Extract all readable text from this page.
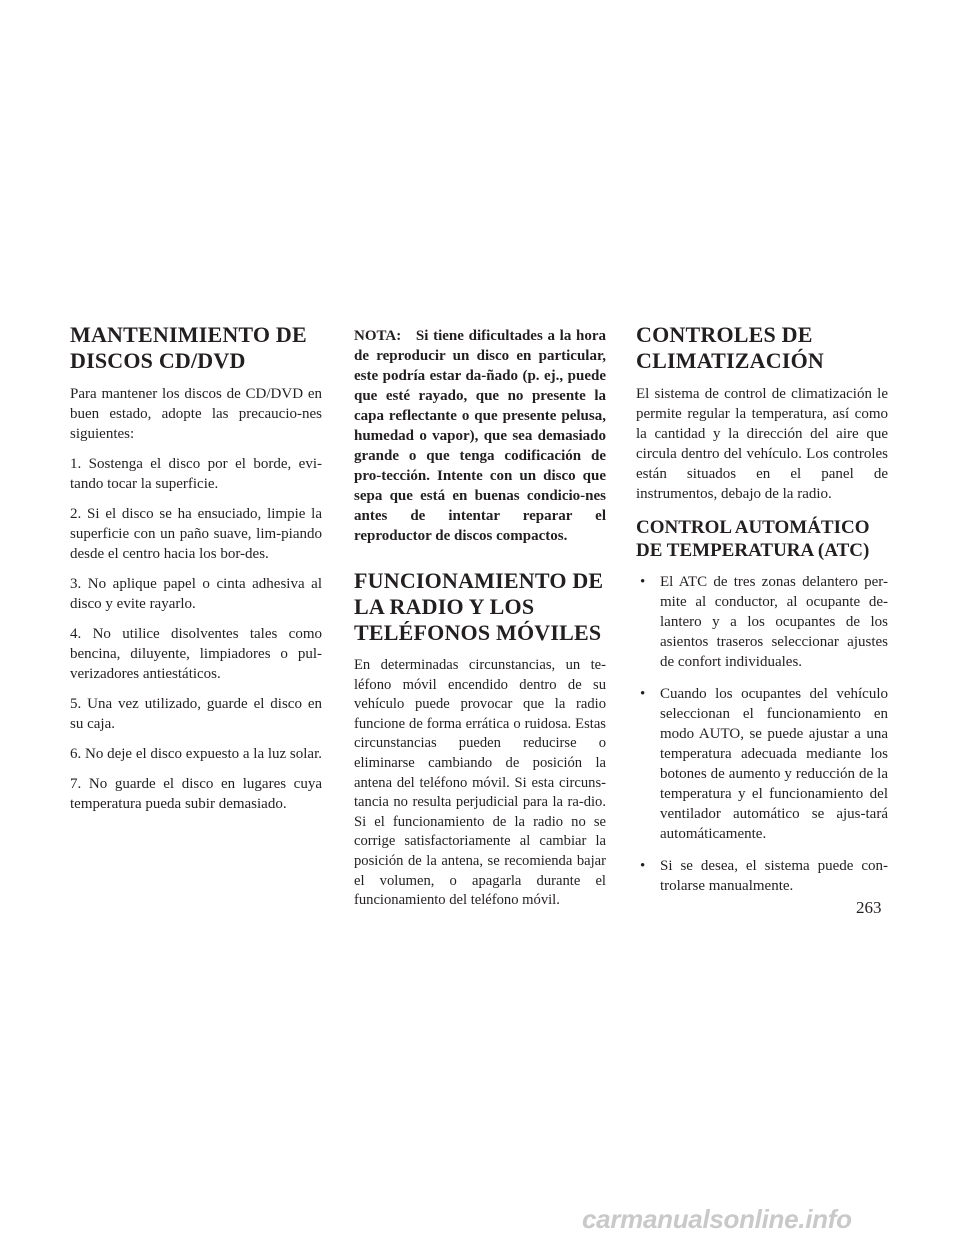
MANTENIMIENTO DE DISCOS CD/DVD

Para mantener los discos de CD/DVD en buen estado, adopte las precaucio-nes siguientes:

1. Sostenga el disco por el borde, evi-tando tocar la superficie.

2. Si el disco se ha ensuciado, limpie la superficie con un paño suave, lim-piando desde el centro hacia los bor-des.

3. No aplique papel o cinta adhesiva al disco y evite rayarlo.

4. No utilice disolventes tales como bencina, diluyente, limpiadores o pul-verizadores antiestáticos.

5. Una vez utilizado, guarde el disco en su caja.

6. No deje el disco expuesto a la luz solar.

7. No guarde el disco en lugares cuya temperatura pueda subir demasiado.

NOTA: Si tiene dificultades a la hora de reproducir un disco en particular, este podría estar da-ñado (p. ej., puede que esté rayado, que no presente la capa reflectante o que presente pelusa, humedad o vapor), que sea demasiado grande o que tenga codificación de pro-tección. Intente con un disco que sepa que está en buenas condicio-nes antes de intentar reparar el reproductor de discos compactos.
FUNCIONAMIENTO DE LA RADIO Y LOS TELÉFONOS MÓVILES

En determinadas circunstancias, un te-léfono móvil encendido dentro de su vehículo puede provocar que la radio funcione de forma errática o ruidosa. Estas circunstancias pueden reducirse o eliminarse cambiando de posición la antena del teléfono móvil. Si esta circuns-tancia no resulta perjudicial para la ra-dio. Si el funcionamiento de la radio no se corrige satisfactoriamente al cambiar la posición de la antena, se recomienda bajar el volumen, o apagarla durante el funcionamiento del teléfono móvil.

CONTROLES DE CLIMATIZACIÓN

El sistema de control de climatización le permite regular la temperatura, así como la cantidad y la dirección del aire que circula dentro del vehículo. Los controles están situados en el panel de instrumentos, debajo de la radio.

CONTROL AUTOMÁTICO DE TEMPERATURA (ATC)
• El ATC de tres zonas delantero per-mite al conductor, al ocupante de-lantero y a los ocupantes de los asientos traseros seleccionar ajustes de confort individuales.
• Cuando los ocupantes del vehículo seleccionan el funcionamiento en modo AUTO, se puede ajustar a una temperatura adecuada mediante los botones de aumento y reducción de la temperatura y el funcionamiento del ventilador automático se ajus-tará automáticamente.
• Si se desea, el sistema puede con-trolarse manualmente.
263
carmanualsonline.info
